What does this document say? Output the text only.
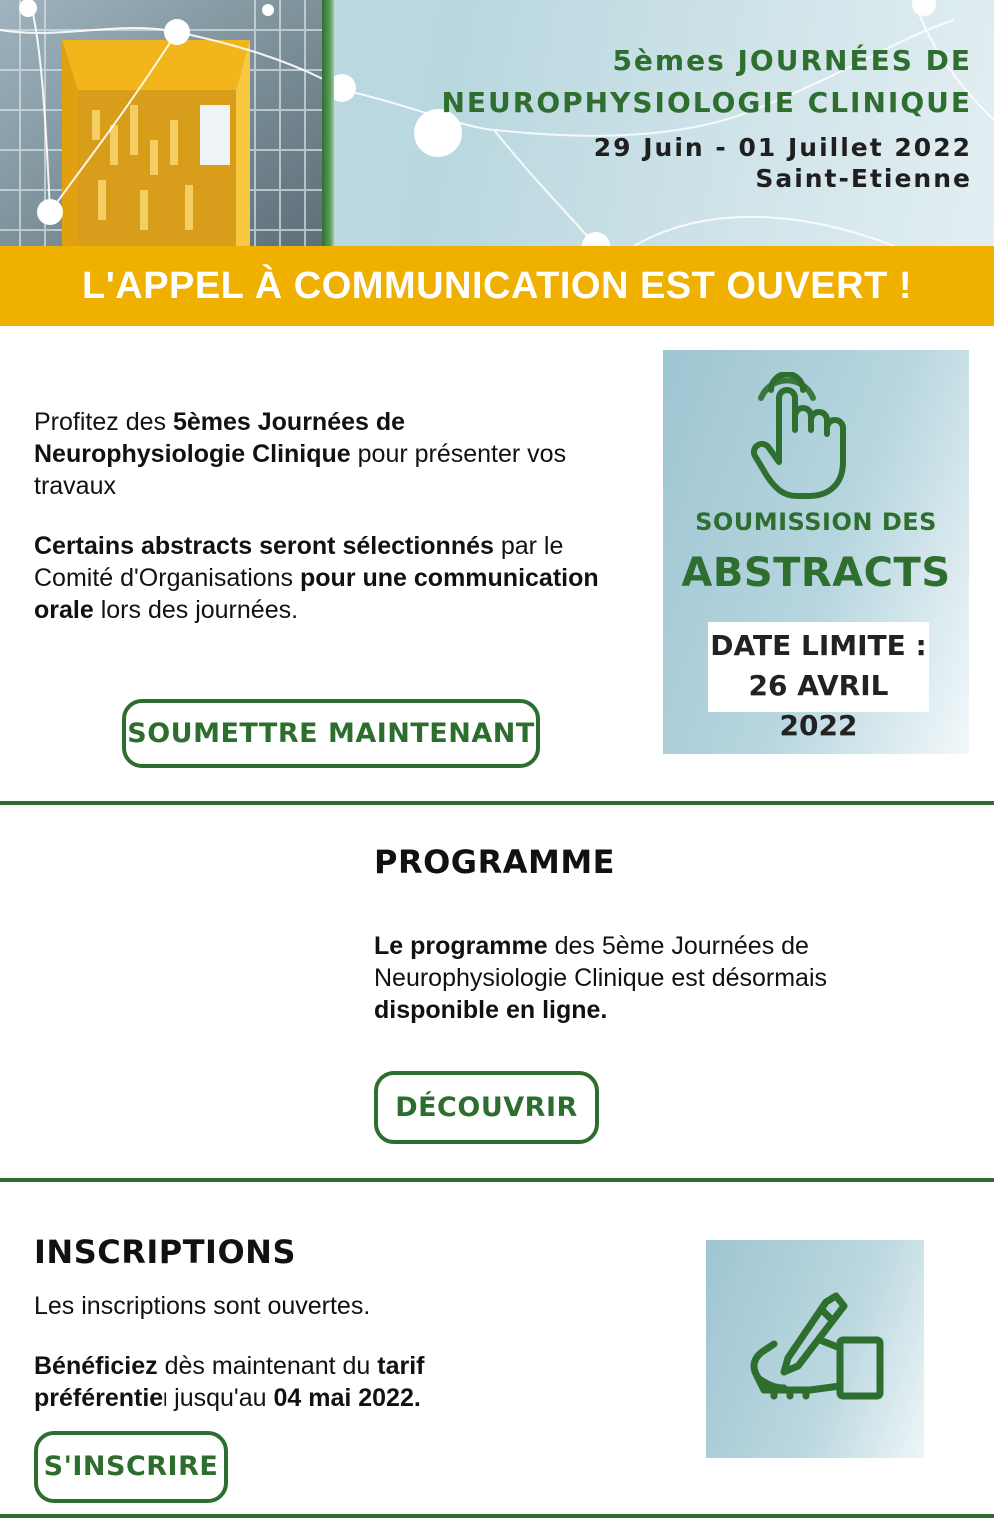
5èmes JOURNÉES DE
NEUROPHYSIOLOGIE CLINIQUE
29 Juin - 01 Juillet 2022
Saint-Etienne
L'APPEL À COMMUNICATION EST OUVERT !
Profitez des 5èmes Journées de Neurophysiologie Clinique pour présenter vos travaux
Certains abstracts seront sélectionnés par le Comité d'Organisations pour une communication orale lors des journées.
SOUMETTRE MAINTENANT
SOUMISSION DES
ABSTRACTS
DATE LIMITE :
26 AVRIL 2022
PROGRAMME
Le programme des 5ème Journées de Neurophysiologie Clinique est désormais disponible en ligne.
DÉCOUVRIR
INSCRIPTIONS
Les inscriptions sont ouvertes.
Bénéficiez dès maintenant du tarif préférentiel jusqu'au 04 mai 2022.
S'INSCRIRE
